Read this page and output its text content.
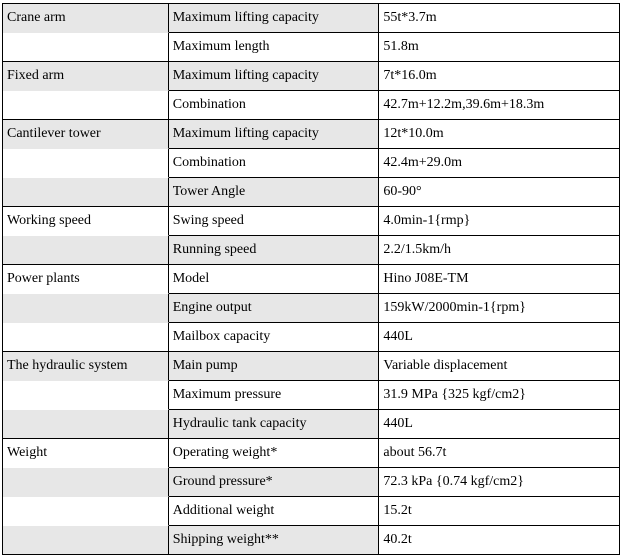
Crane arm	Maximum lifting capacity	55t*3.7m
Maximum length	51.8m
Fixed arm	Maximum lifting capacity	7t*16.0m
Combination	42.7m+12.2m,39.6m+18.3m
Cantilever tower	Maximum lifting capacity	12t*10.0m
Combination	42.4m+29.0m
Tower Angle	60-90°
Working speed	Swing speed	4.0min-1{rmp}
Running speed	2.2/1.5km/h
Power plants	Model	Hino J08E-TM
Engine output	159kW/2000min-1{rpm}
Mailbox capacity	440L
The hydraulic system	Main pump	Variable displacement
Maximum pressure	31.9 MPa {325 kgf/cm2}
Hydraulic tank capacity	440L
Weight	Operating weight*	about 56.7t
Ground pressure*	72.3 kPa {0.74 kgf/cm2}
Additional weight	15.2t
Shipping weight**	40.2t
